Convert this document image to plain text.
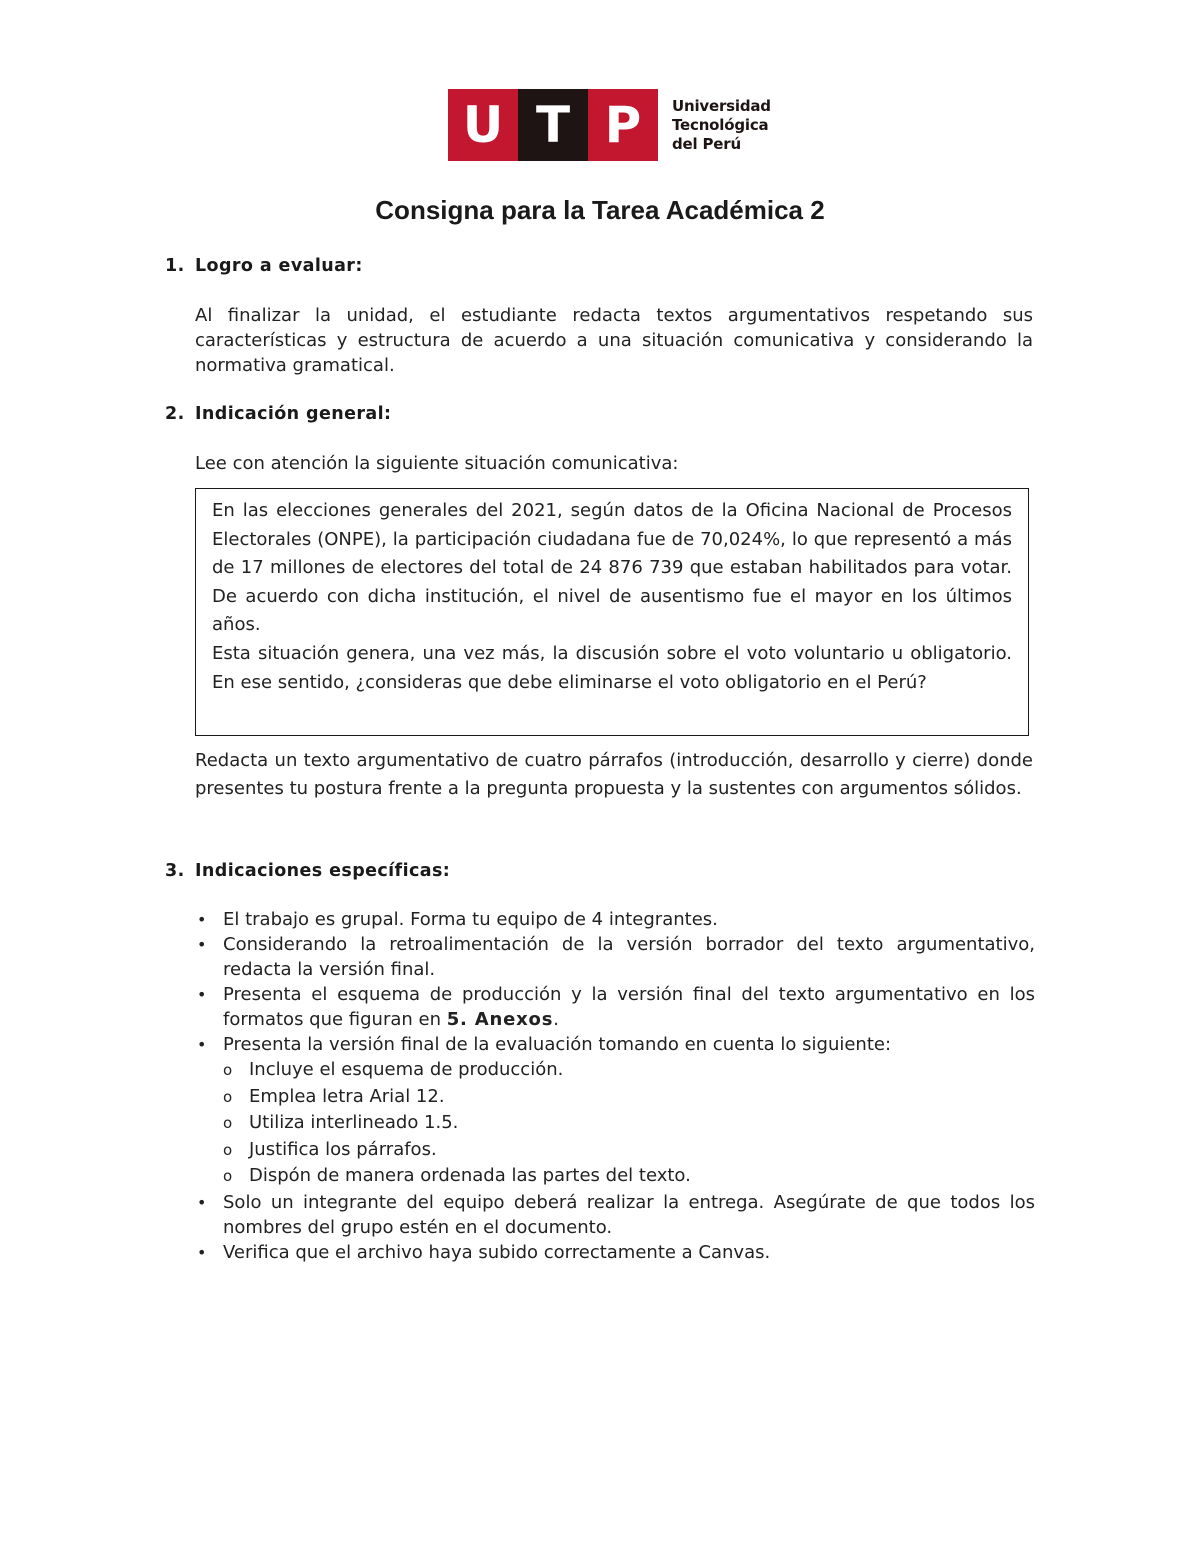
U T P	Universidad
Tecnológica
del Perú
Consigna para la Tarea Académica 2
1. Logro a evaluar:
Al finalizar la unidad, el estudiante redacta textos argumentativos respetando sus características y estructura de acuerdo a una situación comunicativa y considerando la normativa gramatical.
2. Indicación general:
Lee con atención la siguiente situación comunicativa:

En las elecciones generales del 2021, según datos de la Oficina Nacional de Procesos Electorales (ONPE), la participación ciudadana fue de 70,024%, lo que representó a más de 17 millones de electores del total de 24 876 739 que estaban habilitados para votar. De acuerdo con dicha institución, el nivel de ausentismo fue el mayor en los últimos años.

Esta situación genera, una vez más, la discusión sobre el voto voluntario u obligatorio. En ese sentido, ¿consideras que debe eliminarse el voto obligatorio en el Perú?

Redacta un texto argumentativo de cuatro párrafos (introducción, desarrollo y cierre) donde presentes tu postura frente a la pregunta propuesta y la sustentes con argumentos sólidos.
3. Indicaciones específicas:
• El trabajo es grupal. Forma tu equipo de 4 integrantes.
• Considerando la retroalimentación de la versión borrador del texto argumentativo, redacta la versión final.
• Presenta el esquema de producción y la versión final del texto argumentativo en los formatos que figuran en 5. Anexos.
• Presenta la versión final de la evaluación tomando en cuenta lo siguiente:
o Incluye el esquema de producción.
o Emplea letra Arial 12.
o Utiliza interlineado 1.5.
o Justifica los párrafos.
o Dispón de manera ordenada las partes del texto.
• Solo un integrante del equipo deberá realizar la entrega. Asegúrate de que todos los nombres del grupo estén en el documento.
• Verifica que el archivo haya subido correctamente a Canvas.
